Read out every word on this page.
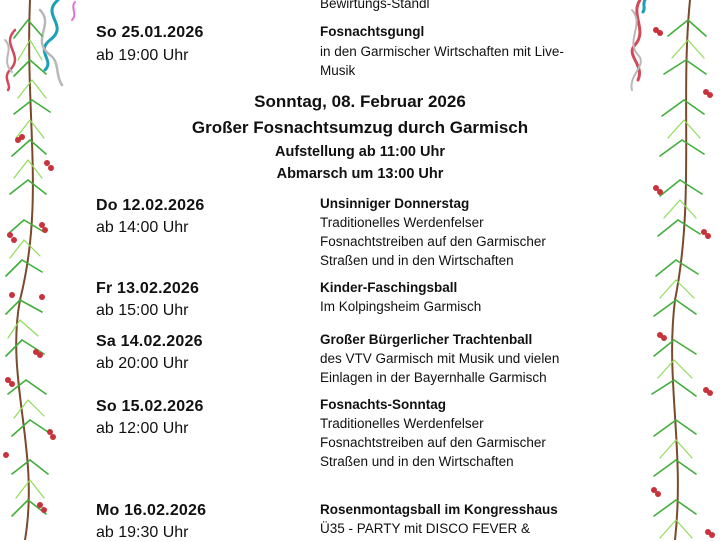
Bewirtungs-Standl
So 25.01.2026
ab 19:00 Uhr
Fosnachtsgungl
in den Garmischer Wirtschaften mit Live-
Musik
Sonntag, 08. Februar 2026
Großer Fosnachtsumzug durch Garmisch
Aufstellung ab 11:00 Uhr
Abmarsch um 13:00 Uhr
Do 12.02.2026
ab 14:00 Uhr
Unsinniger Donnerstag
Traditionelles Werdenfelser
Fosnachtstreiben auf den Garmischer
Straßen und in den Wirtschaften
Fr 13.02.2026
ab 15:00 Uhr
Kinder-Faschingsball
Im Kolpingsheim Garmisch
Sa 14.02.2026
ab 20:00 Uhr
Großer Bürgerlicher Trachtenball
des VTV Garmisch mit Musik und vielen
Einlagen in der Bayernhalle Garmisch
So 15.02.2026
ab 12:00 Uhr
Fosnachts-Sonntag
Traditionelles Werdenfelser
Fosnachtstreiben auf den Garmischer
Straßen und in den Wirtschaften
Mo 16.02.2026
ab 19:30 Uhr
Rosenmontagsball im Kongresshaus
Ü35 - PARTY mit DISCO FEVER &
